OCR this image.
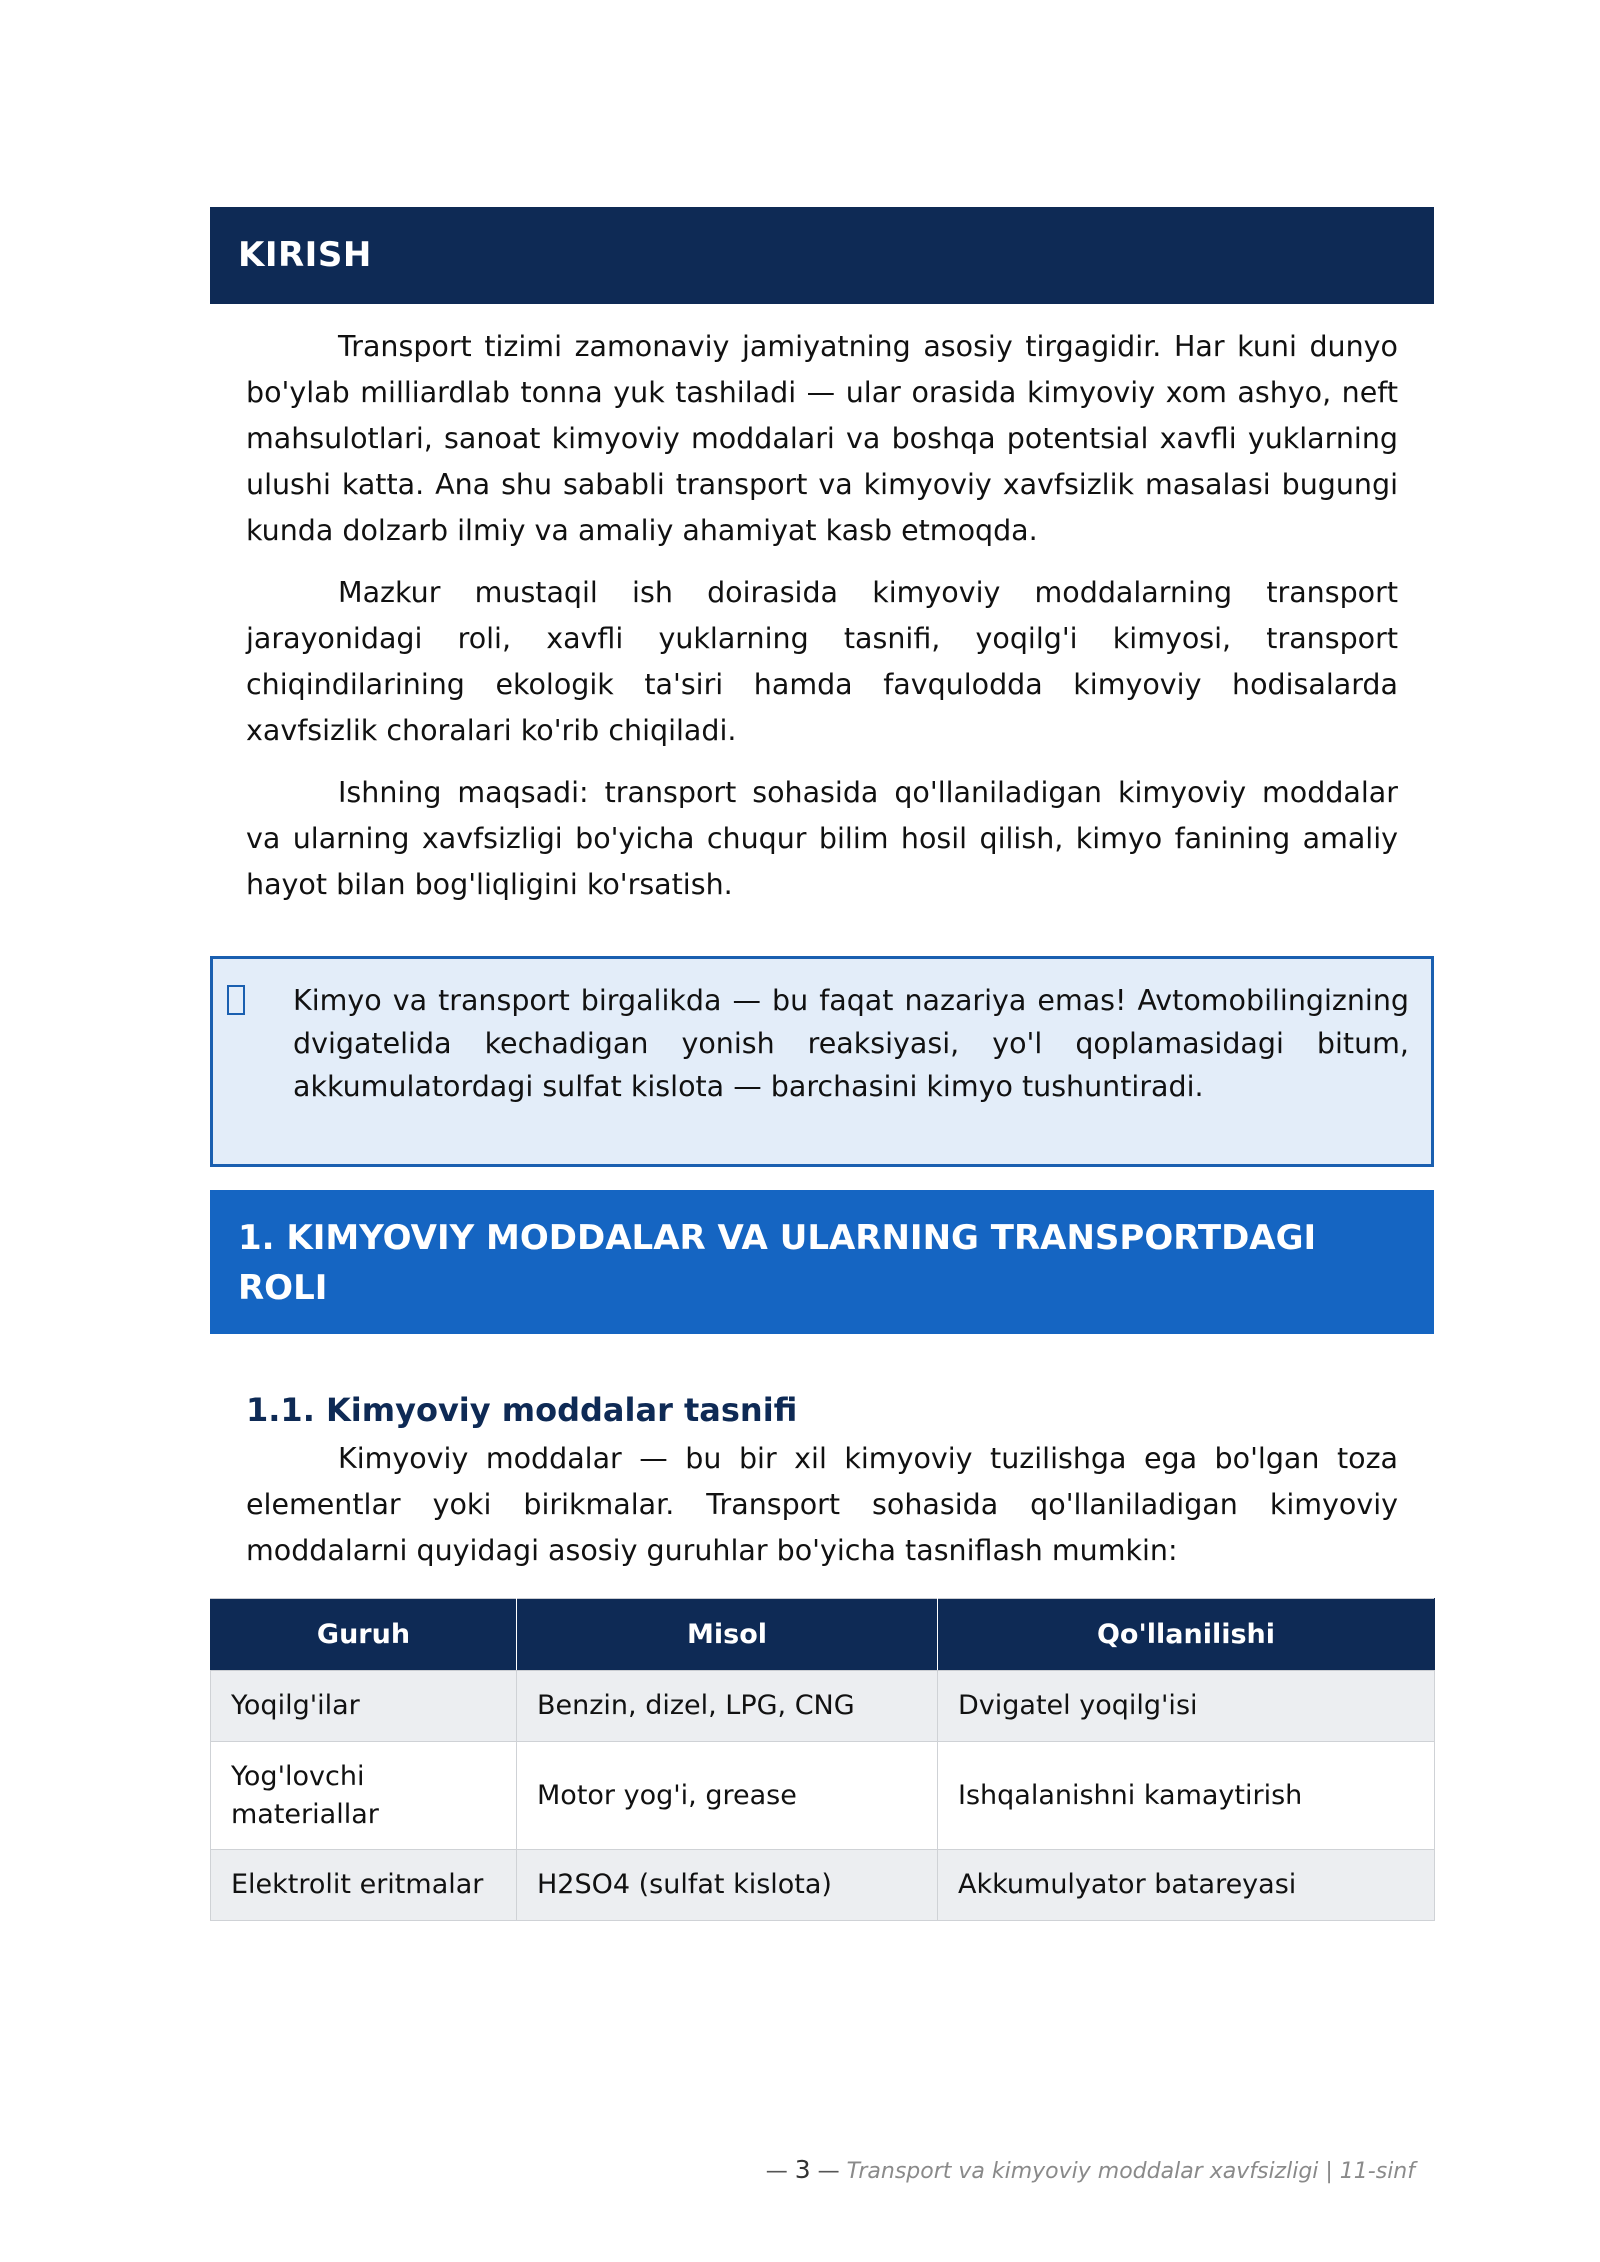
KIRISH

Transport tizimi zamonaviy jamiyatning asosiy tirgagidir. Har kuni dunyo bo'ylab milliardlab tonna yuk tashiladi — ular orasida kimyoviy xom ashyo, neft mahsulotlari, sanoat kimyoviy moddalari va boshqa potentsial xavfli yuklarning ulushi katta. Ana shu sababli transport va kimyoviy xavfsizlik masalasi bugungi kunda dolzarb ilmiy va amaliy ahamiyat kasb etmoqda.

Mazkur mustaqil ish doirasida kimyoviy moddalarning transport jarayonidagi roli, xavfli yuklarning tasnifi, yoqilg'i kimyosi, transport chiqindilarining ekologik ta'siri hamda favqulodda kimyoviy hodisalarda xavfsizlik choralari ko'rib chiqiladi.

Ishning maqsadi: transport sohasida qo'llaniladigan kimyoviy moddalar va ularning xavfsizligi bo'yicha chuqur bilim hosil qilish, kimyo fanining amaliy hayot bilan bog'liqligini ko'rsatish.

Kimyo va transport birgalikda — bu faqat nazariya emas! Avtomobilingizning dvigatelida kechadigan yonish reaksiyasi, yo'l qoplamasidagi bitum, akkumulatordagi sulfat kislota — barchasini kimyo tushuntiradi.

1. KIMYOVIY MODDALAR VA ULARNING TRANSPORTDAGI
ROLI
1.1. Kimyoviy moddalar tasnifi

Kimyoviy moddalar — bu bir xil kimyoviy tuzilishga ega bo'lgan toza elementlar yoki birikmalar. Transport sohasida qo'llaniladigan kimyoviy moddalarni quyidagi asosiy guruhlar bo'yicha tasniflash mumkin:

Guruh	Misol	Qo'llanilishi
Yoqilg'ilar	Benzin, dizel, LPG, CNG	Dvigatel yoqilg'isi
Yog'lovchi materiallar	Motor yog'i, grease	Ishqalanishni kamaytirish
Elektrolit eritmalar	H2SO4 (sulfat kislota)	Akkumulyator batareyasi
— 3 — Transport va kimyoviy moddalar xavfsizligi | 11-sinf
